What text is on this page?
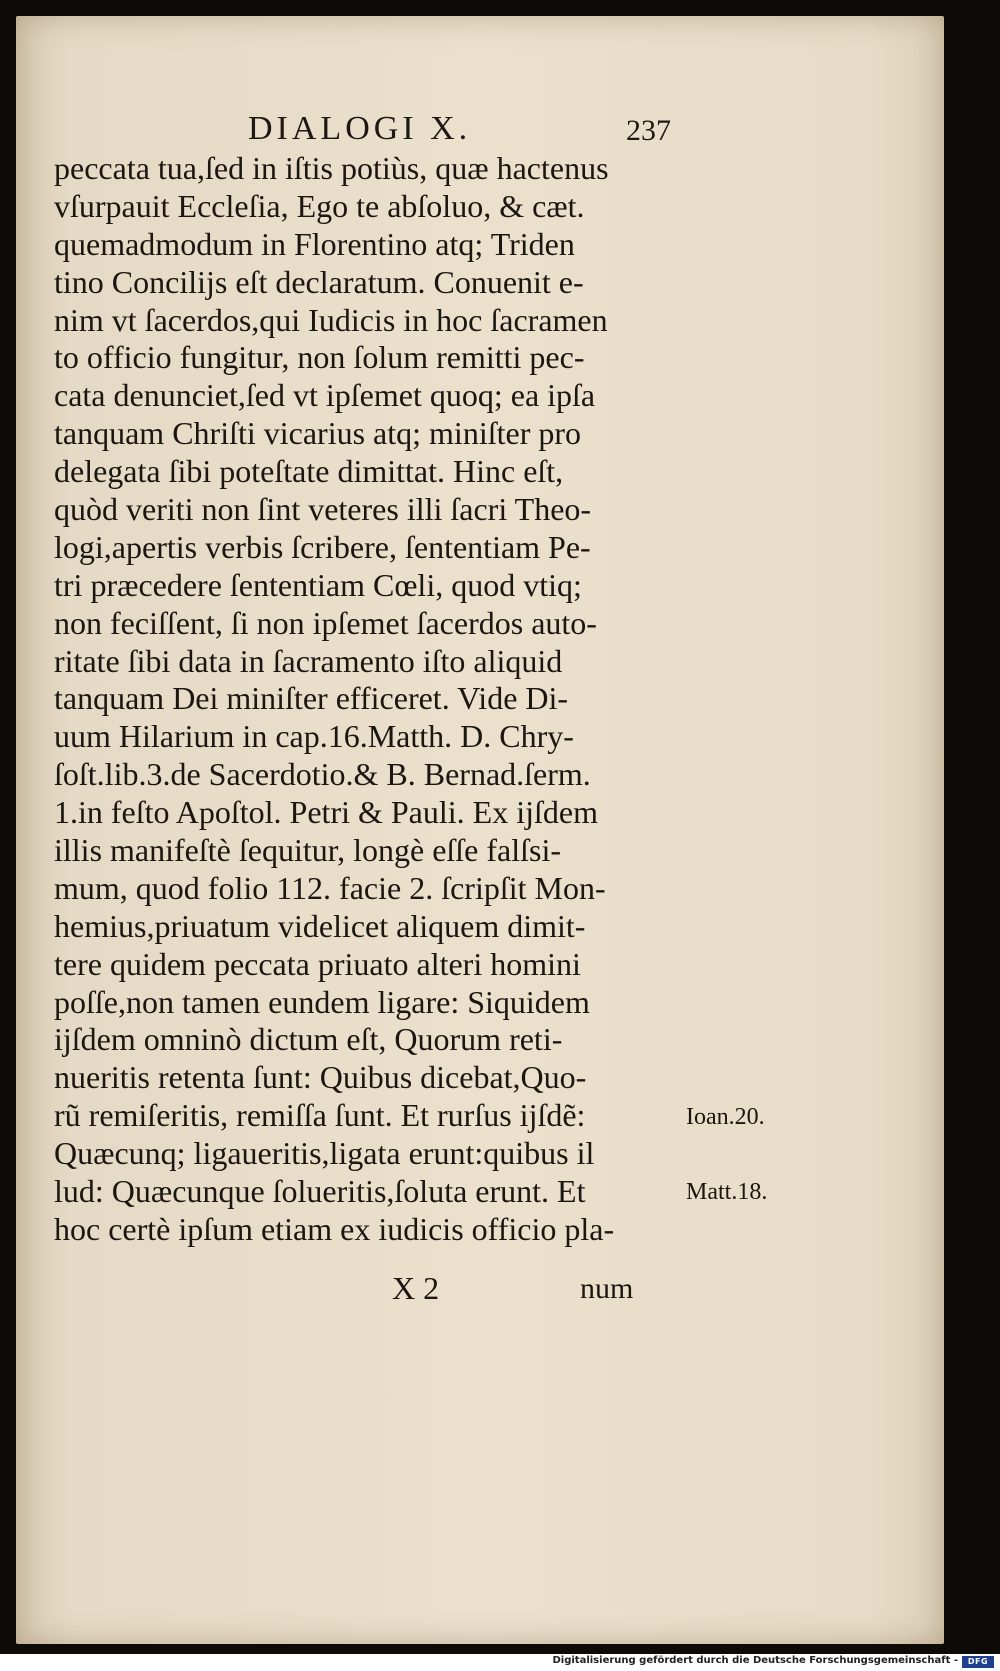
DIALOGI X.	237
peccata tua,ſed in iſtis potiùs, quæ hactenus
vſurpauit Eccleſia, Ego te abſoluo, & cæt.
quemadmodum in Florentino atq; Triden
tino Concilijs eſt declaratum. Conuenit e-
nim vt ſacerdos,qui Iudicis in hoc ſacramen
to officio fungitur, non ſolum remitti pec-
cata denunciet,ſed vt ipſemet quoq; ea ipſa
tanquam Chriſti vicarius atq; miniſter pro
delegata ſibi poteſtate dimittat. Hinc eſt,
quòd veriti non ſint veteres illi ſacri Theo-
logi,apertis verbis ſcribere, ſententiam Pe-
tri præcedere ſententiam Cœli, quod vtiq;
non feciſſent, ſi non ipſemet ſacerdos auto-
ritate ſibi data in ſacramento iſto aliquid
tanquam Dei miniſter efficeret. Vide Di-
uum Hilarium in cap.16.Matth. D. Chry-
ſoſt.lib.3.de Sacerdotio.& B. Bernad.ſerm.
1.in feſto Apoſtol. Petri & Pauli. Ex ijſdem
illis manifeſtè ſequitur, longè eſſe falſsi-
mum, quod folio 112. facie 2. ſcripſit Mon-
hemius,priuatum videlicet aliquem dimit-
tere quidem peccata priuato alteri homini
poſſe,non tamen eundem ligare: Siquidem
ijſdem omninò dictum eſt, Quorum reti-
nueritis retenta ſunt: Quibus dicebat,Quo-
rũ remiſeritis, remiſſa ſunt. Et rurſus ijſdẽ:
Quæcunq; ligaueritis,ligata erunt:quibus il
lud: Quæcunque ſolueritis,ſoluta erunt. Et
hoc certè ipſum etiam ex iudicis officio pla-
Ioan.20.
Matt.18.
X 2	num
Digitalisierung gefördert durch die Deutsche Forschungsgemeinschaft -	DFG
